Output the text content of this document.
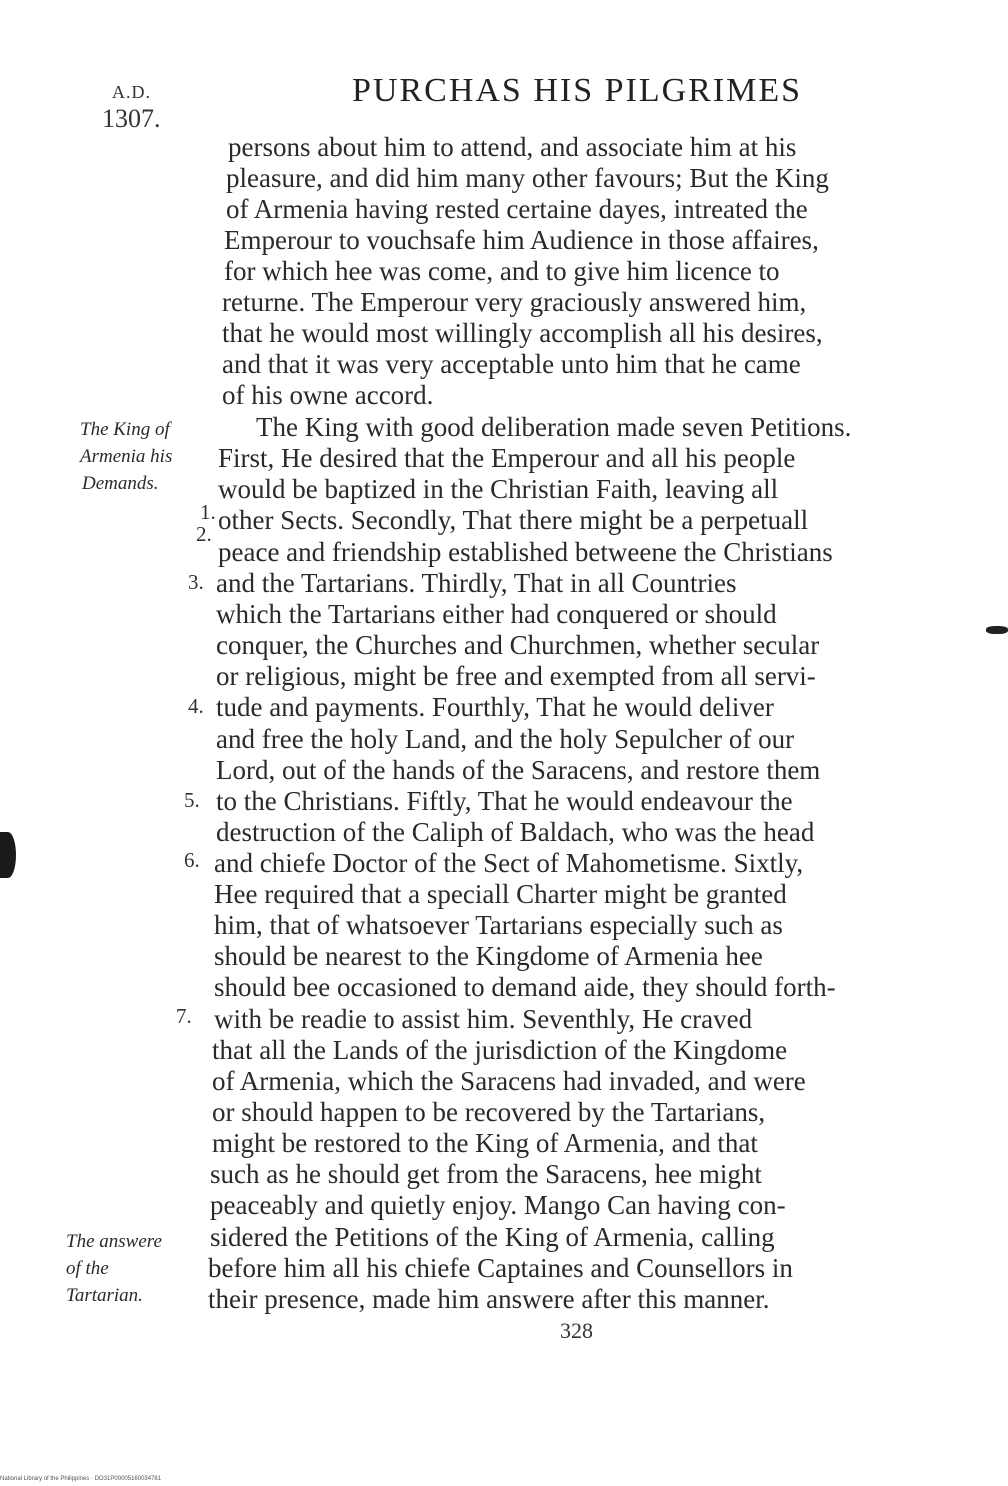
A.D.
1307.
PURCHAS HIS PILGRIMES
persons about him to attend, and associate him at his
pleasure, and did him many other favours; But the King
of Armenia having rested certaine dayes, intreated the
Emperour to vouchsafe him Audience in those affaires,
for which hee was come, and to give him licence to
returne. The Emperour very graciously answered him,
that he would most willingly accomplish all his desires,
and that it was very acceptable unto him that he came
of his owne accord.
The King with good deliberation made seven Petitions.
First, He desired that the Emperour and all his people
would be baptized in the Christian Faith, leaving all
other Sects. Secondly, That there might be a perpetuall
peace and friendship established betweene the Christians
and the Tartarians. Thirdly, That in all Countries
which the Tartarians either had conquered or should
conquer, the Churches and Churchmen, whether secular
or religious, might be free and exempted from all servi-
tude and payments. Fourthly, That he would deliver
and free the holy Land, and the holy Sepulcher of our
Lord, out of the hands of the Saracens, and restore them
to the Christians. Fiftly, That he would endeavour the
destruction of the Caliph of Baldach, who was the head
and chiefe Doctor of the Sect of Mahometisme. Sixtly,
Hee required that a speciall Charter might be granted
him, that of whatsoever Tartarians especially such as
should be nearest to the Kingdome of Armenia hee
should bee occasioned to demand aide, they should forth-
with be readie to assist him. Seventhly, He craved
that all the Lands of the jurisdiction of the Kingdome
of Armenia, which the Saracens had invaded, and were
or should happen to be recovered by the Tartarians,
might be restored to the King of Armenia, and that
such as he should get from the Saracens, hee might
peaceably and quietly enjoy. Mango Can having con-
sidered the Petitions of the King of Armenia, calling
before him all his chiefe Captaines and Counsellors in
their presence, made him answere after this manner.
The King of
Armenia his
Demands.
The answere
of the
Tartarian.
1.
2.
3.
4.
5.
6.
7.
328
National Library of the Philippines · DO31P00005160034781
